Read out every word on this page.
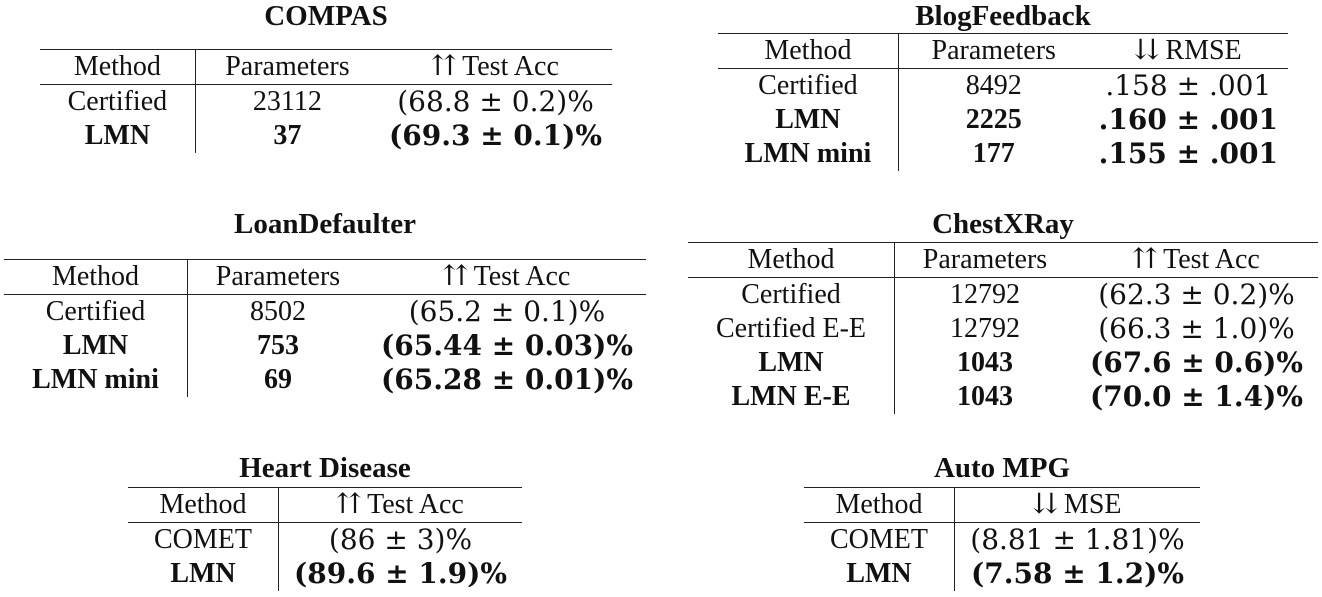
COMPAS
Method	Parameters	⇈ Test Acc
Certified	23112	(68.8 ± 0.2)%
LMN	37	(69.3 ± 0.1)%
BlogFeedback
Method	Parameters	⇊ RMSE
Certified	8492	.158 ± .001
LMN	2225	.160 ± .001
LMN mini	177	.155 ± .001
LoanDefaulter
Method	Parameters	⇈ Test Acc
Certified	8502	(65.2 ± 0.1)%
LMN	753	(65.44 ± 0.03)%
LMN mini	69	(65.28 ± 0.01)%
ChestXRay
Method	Parameters	⇈ Test Acc
Certified	12792	(62.3 ± 0.2)%
Certified E-E	12792	(66.3 ± 1.0)%
LMN	1043	(67.6 ± 0.6)%
LMN E-E	1043	(70.0 ± 1.4)%
Heart Disease
Method	⇈ Test Acc
COMET	(86 ± 3)%
LMN	(89.6 ± 1.9)%
Auto MPG
Method	⇊ MSE
COMET	(8.81 ± 1.81)%
LMN	(7.58 ± 1.2)%
